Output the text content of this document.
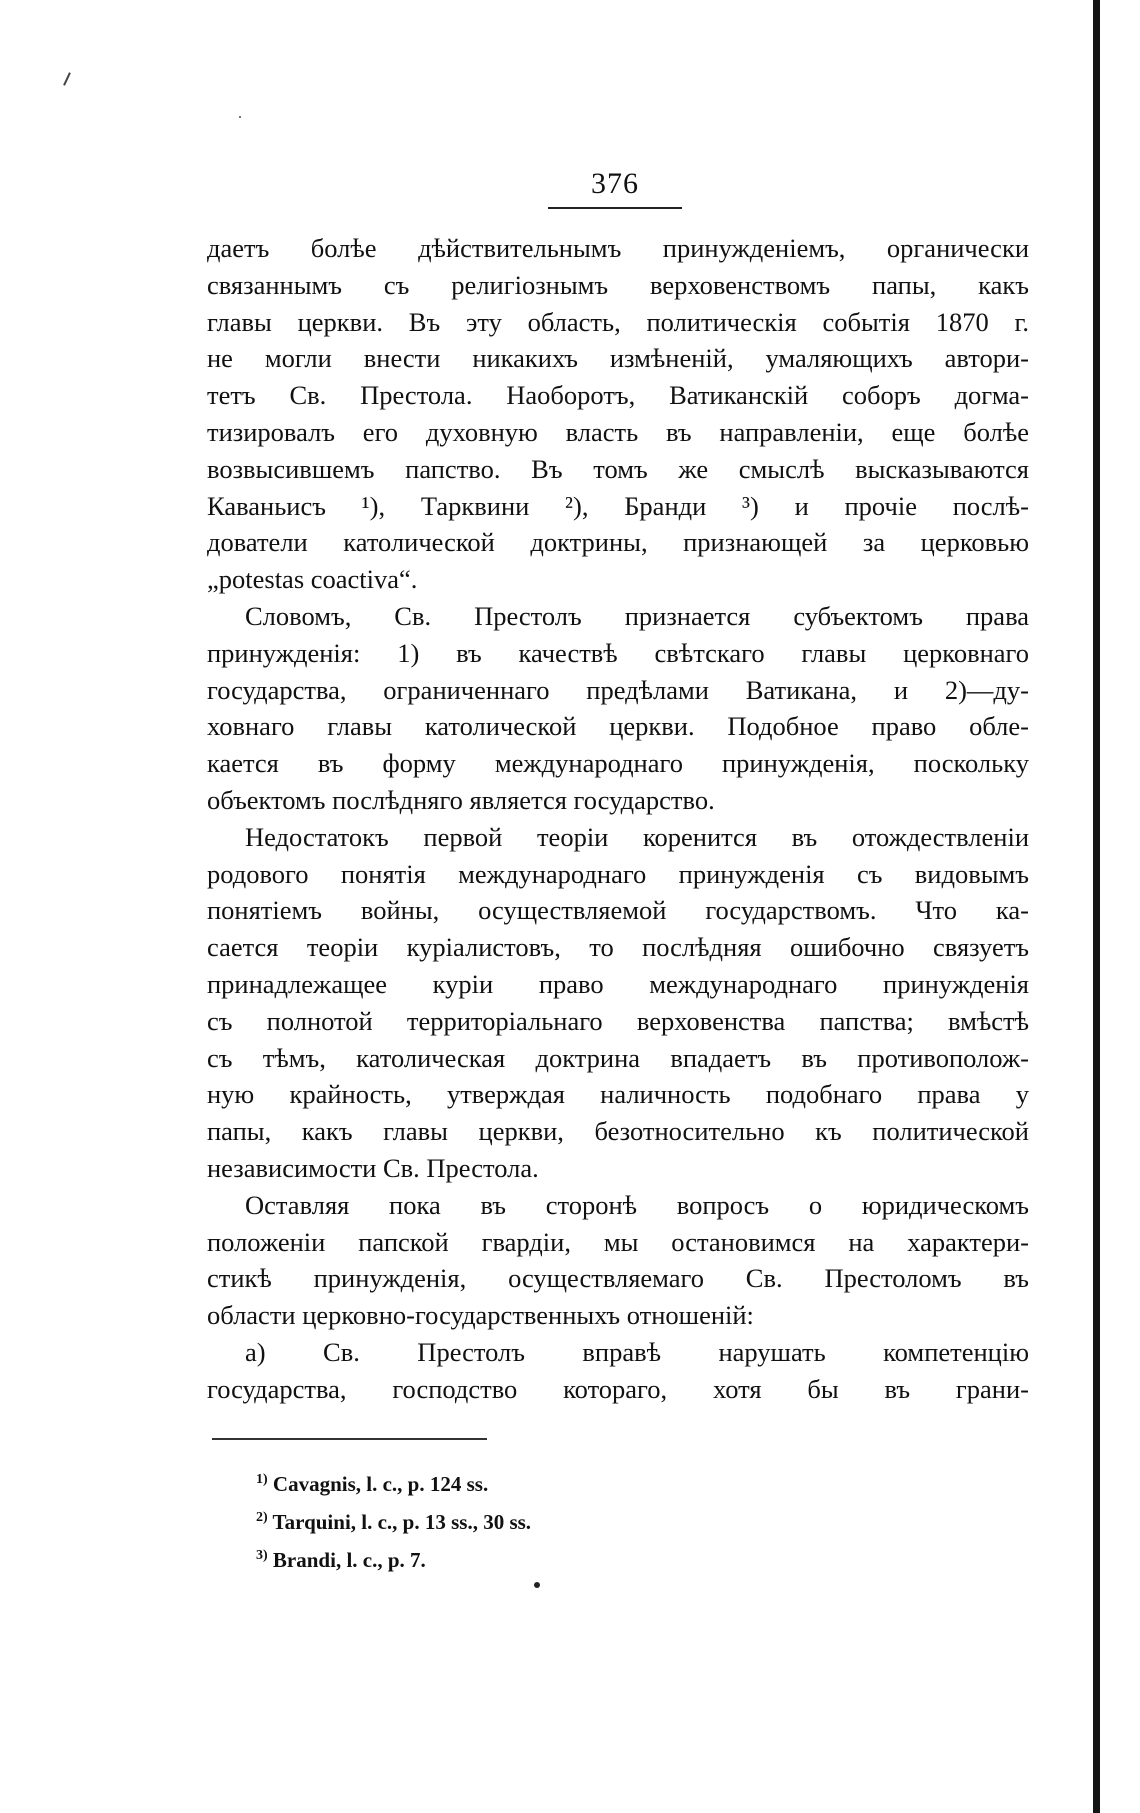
376
даетъ болѣе дѣйствительнымъ принужденіемъ, органически
связаннымъ съ религіознымъ верховенствомъ папы, какъ
главы церкви. Въ эту область, политическія событія 1870 г.
не могли внести никакихъ измѣненій, умаляющихъ автори-
тетъ Св. Престола. Наоборотъ, Ватиканскій соборъ догма-
тизировалъ его духовную власть въ направленіи, еще болѣе
возвысившемъ папство. Въ томъ же смыслѣ высказываются
Каваньисъ ¹), Тарквини ²), Бранди ³) и прочіе послѣ-
дователи католической доктрины, признающей за церковью
„potestas coactiva“.
Словомъ, Св. Престолъ признается субъектомъ права
принужденія: 1) въ качествѣ свѣтскаго главы церковнаго
государства, ограниченнаго предѣлами Ватикана, и 2)—ду-
ховнаго главы католической церкви. Подобное право обле-
кается въ форму международнаго принужденія, поскольку
объектомъ послѣдняго является государство.
Недостатокъ первой теоріи коренится въ отождествленіи
родового понятія международнаго принужденія съ видовымъ
понятіемъ войны, осуществляемой государствомъ. Что ка-
сается теоріи куріалистовъ, то послѣдняя ошибочно связуетъ
принадлежащее куріи право международнаго принужденія
съ полнотой территоріальнаго верховенства папства; вмѣстѣ
съ тѣмъ, католическая доктрина впадаетъ въ противополож-
ную крайность, утверждая наличность подобнаго права у
папы, какъ главы церкви, безотносительно къ политической
независимости Св. Престола.
Оставляя пока въ сторонѣ вопросъ о юридическомъ
положеніи папской гвардіи, мы остановимся на характери-
стикѣ принужденія, осуществляемаго Св. Престоломъ въ
области церковно-государственныхъ отношеній:
а) Св. Престолъ вправѣ нарушать компетенцію
государства, господство котораго, хотя бы въ грани-
$^{1)}$ Cavagnis, l. c., p. 124 ss.
$^{2)}$ Tarquini, l. c., p. 13 ss., 30 ss.
$^{3)}$ Brandi, l. c., p. 7.
